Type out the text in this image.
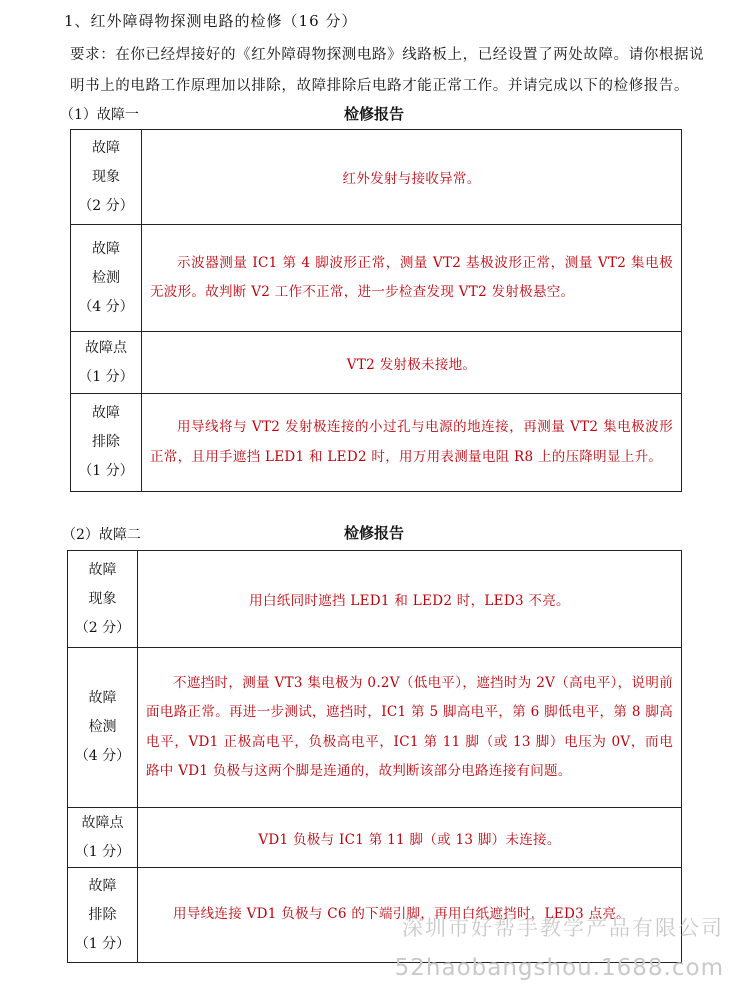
1、红外障碍物探测电路的检修（16 分）
要求：在你已经焊接好的《红外障碍物探测电路》线路板上，已经设置了两处故障。请你根据说明书上的电路工作原理加以排除，故障排除后电路才能正常工作。并请完成以下的检修报告。
（1）故障一	检修报告
故障
现象
（2 分）	红外发射与接收异常。

故障
检测
（4 分）	示波器测量 IC1 第 4 脚波形正常，测量 VT2 基极波形正常，测量 VT2 集电极无波形。故判断 V2 工作不正常，进一步检查发现 VT2 发射极悬空。

故障点
（1 分）	VT2 发射极未接地。

故障
排除
（1 分）	用导线将与 VT2 发射极连接的小过孔与电源的地连接，再测量 VT2 集电极波形正常，且用手遮挡 LED1 和 LED2 时，用万用表测量电阻 R8 上的压降明显上升。
（2）故障二	检修报告
故障
现象
（2 分）	用白纸同时遮挡 LED1 和 LED2 时，LED3 不亮。

故障
检测
（4 分）	不遮挡时，测量 VT3 集电极为 0.2V（低电平），遮挡时为 2V（高电平），说明前面电路正常。再进一步测试，遮挡时，IC1 第 5 脚高电平，第 6 脚低电平，第 8 脚高电平，VD1 正极高电平，负极高电平，IC1 第 11 脚（或 13 脚）电压为 0V，而电路中 VD1 负极与这两个脚是连通的，故判断该部分电路连接有问题。

故障点
（1 分）	VD1 负极与 IC1 第 11 脚（或 13 脚）未连接。

故障
排除
（1 分）	用导线连接 VD1 负极与 C6 的下端引脚，再用白纸遮挡时，LED3 点亮。
深圳市好帮手教学产品有限公司
52haobangshou.1688.com
